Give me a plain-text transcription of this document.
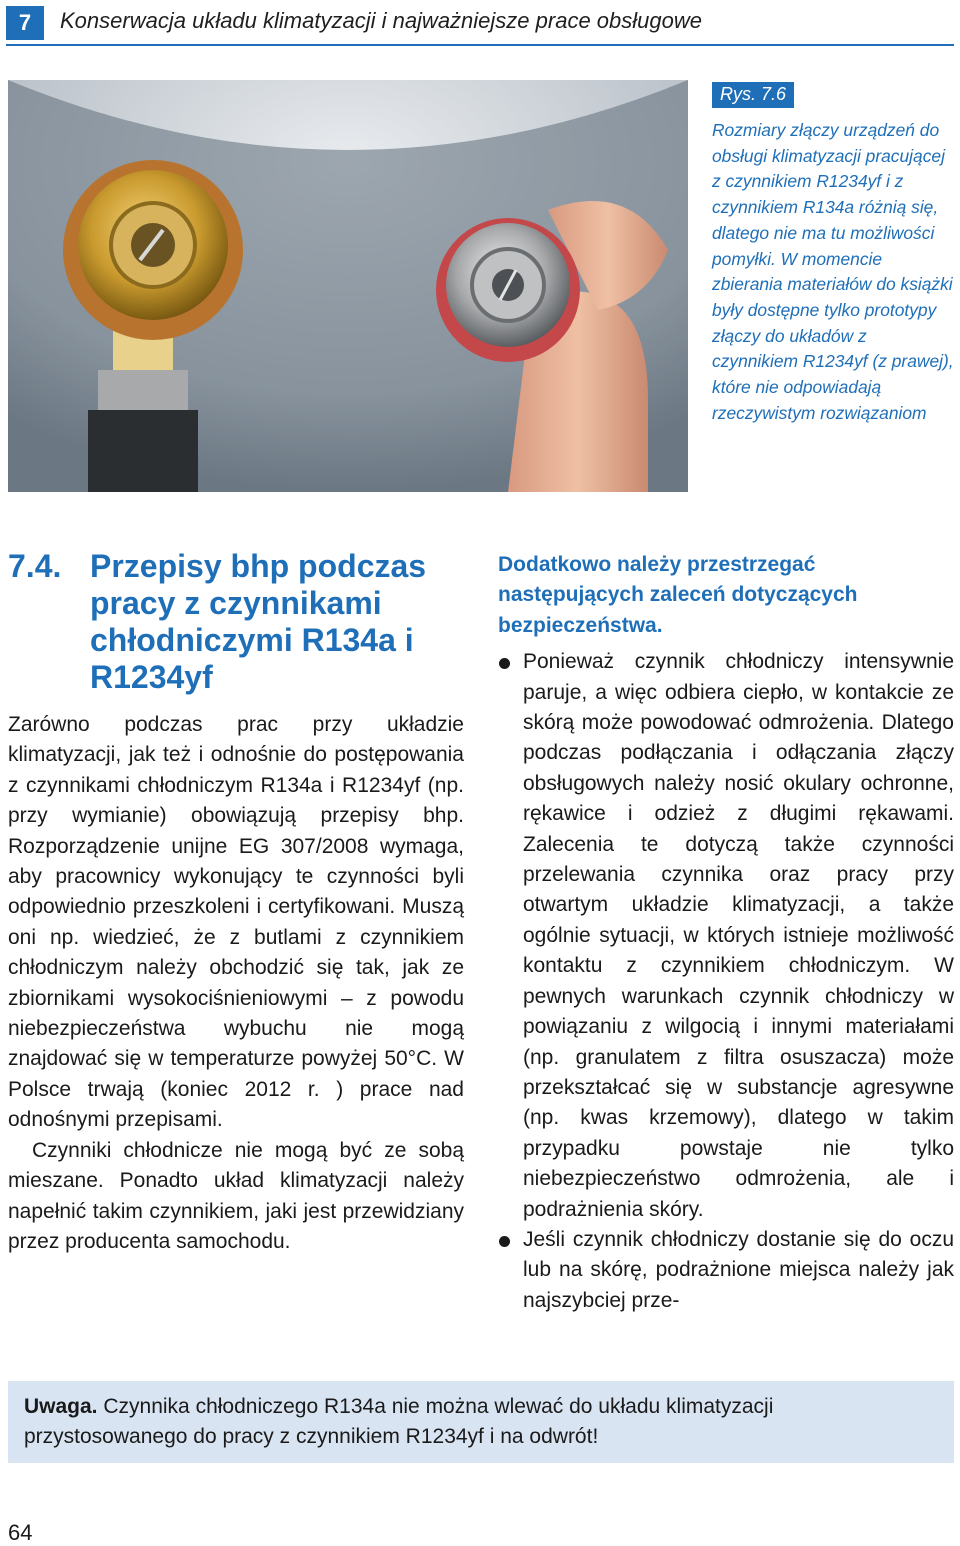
7	Konserwacja układu klimatyzacji i najważniejsze prace obsługowe
Rys. 7.6
Rozmiary złączy urządzeń do obsługi klimatyzacji pracującej z czynnikiem R1234yf i z czynnikiem R134a różnią się, dlatego nie ma tu możliwości pomyłki. W momencie zbierania materiałów do książki były dostępne tylko prototypy złączy do układów z czynnikiem R1234yf (z prawej), które nie odpowiadają rzeczywistym rozwiązaniom
7.4. Przepisy bhp podczas pracy z czynnikami chłodniczymi R134a i R1234yf

Zarówno podczas prac przy układzie klimatyzacji, jak też i odnośnie do postępowania z czynnikami chłodniczym R134a i R1234yf (np. przy wymianie) obowiązują przepisy bhp. Rozporządzenie unijne EG 307/2008 wymaga, aby pracownicy wykonujący te czynności byli odpowiednio przeszkoleni i certyfikowani. Muszą oni np. wiedzieć, że z butlami z czynnikiem chłodniczym należy obchodzić się tak, jak ze zbiornikami wysokociśnieniowymi – z powodu niebezpieczeństwa wybuchu nie mogą znajdować się w temperaturze powyżej 50°C. W Polsce trwają (koniec 2012 r. ) prace nad odnośnymi przepisami.

Czynniki chłodnicze nie mogą być ze sobą mieszane. Ponadto układ klimatyzacji należy napełnić takim czynnikiem, jaki jest przewidziany przez producenta samochodu.

Dodatkowo należy przestrzegać następujących zaleceń dotyczących bezpieczeństwa.

Ponieważ czynnik chłodniczy intensywnie paruje, a więc odbiera ciepło, w kontakcie ze skórą może powodować odmrożenia. Dlatego podczas podłączania i odłączania złączy obsługowych należy nosić okulary ochronne, rękawice i odzież z długimi rękawami. Zalecenia te dotyczą także czynności przelewania czynnika oraz pracy przy otwartym układzie klimatyzacji, a także ogólnie sytuacji, w których istnieje możliwość kontaktu z czynnikiem chłodniczym. W pewnych warunkach czynnik chłodniczy w powiązaniu z wilgocią i innymi materiałami (np. granulatem z filtra osuszacza) może przekształcać się w substancje agresywne (np. kwas krzemowy), dlatego w takim przypadku powstaje nie tylko niebezpieczeństwo odmrożenia, ale i podrażnienia skóry.
Jeśli czynnik chłodniczy dostanie się do oczu lub na skórę, podrażnione miejsca należy jak najszybciej prze-
Uwaga. Czynnika chłodniczego R134a nie można wlewać do układu klimatyzacji przystosowanego do pracy z czynnikiem R1234yf i na odwrót!
64
